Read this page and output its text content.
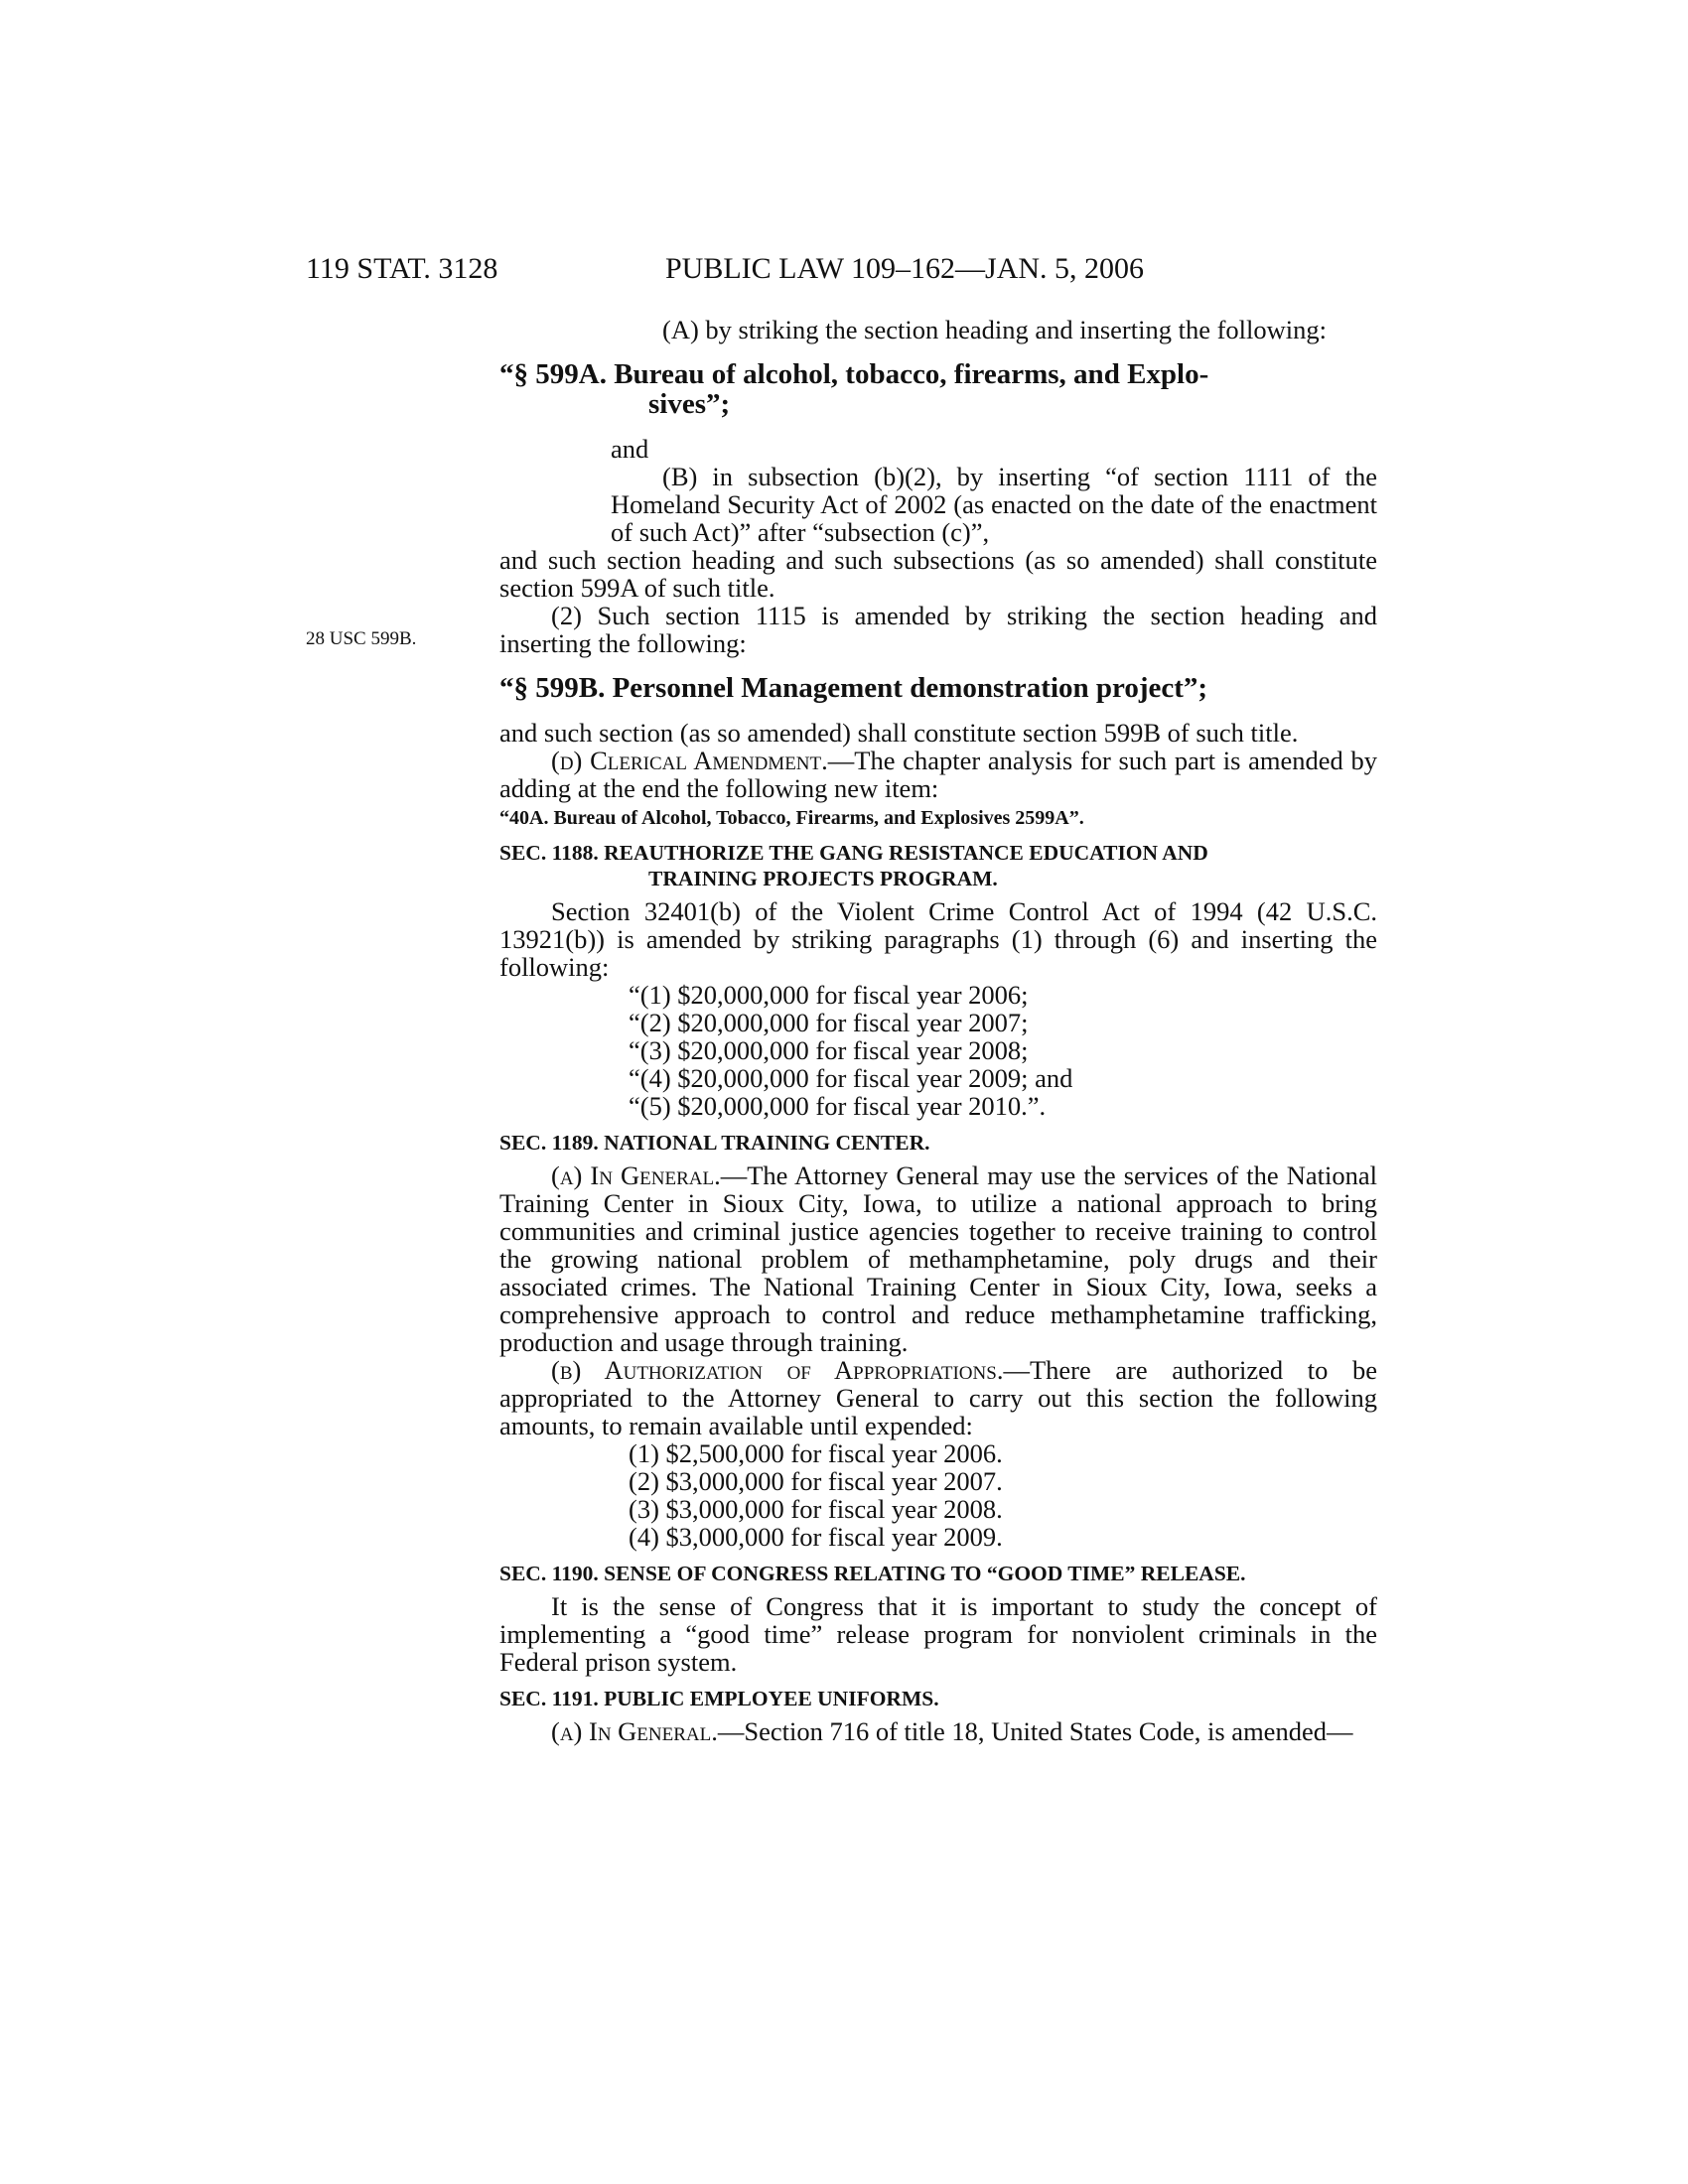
119 STAT. 3128	PUBLIC LAW 109–162—JAN. 5, 2006
28 USC 599B.

(A) by striking the section heading and inserting the following:

“§ 599A. Bureau of alcohol, tobacco, firearms, and Explo-
sives”;

and

(B) in subsection (b)(2), by inserting “of section 1111 of the Homeland Security Act of 2002 (as enacted on the date of the enactment of such Act)” after “subsection (c)”,

and such section heading and such subsections (as so amended) shall constitute section 599A of such title.

(2) Such section 1115 is amended by striking the section heading and inserting the following:

“§ 599B. Personnel Management demonstration project”;

and such section (as so amended) shall constitute section 599B of such title.

(d) Clerical Amendment.—The chapter analysis for such part is amended by adding at the end the following new item:

“40A. Bureau of Alcohol, Tobacco, Firearms, and Explosives 2599A”.
SEC. 1188. REAUTHORIZE THE GANG RESISTANCE EDUCATION AND
TRAINING PROJECTS PROGRAM.

Section 32401(b) of the Violent Crime Control Act of 1994 (42 U.S.C. 13921(b)) is amended by striking paragraphs (1) through (6) and inserting the following:

“(1) $20,000,000 for fiscal year 2006;
“(2) $20,000,000 for fiscal year 2007;
“(3) $20,000,000 for fiscal year 2008;
“(4) $20,000,000 for fiscal year 2009; and
“(5) $20,000,000 for fiscal year 2010.”.
SEC. 1189. NATIONAL TRAINING CENTER.

(a) In General.—The Attorney General may use the services of the National Training Center in Sioux City, Iowa, to utilize a national approach to bring communities and criminal justice agencies together to receive training to control the growing national problem of methamphetamine, poly drugs and their associated crimes. The National Training Center in Sioux City, Iowa, seeks a comprehensive approach to control and reduce methamphetamine trafficking, production and usage through training.

(b) Authorization of Appropriations.—There are authorized to be appropriated to the Attorney General to carry out this section the following amounts, to remain available until expended:

(1) $2,500,000 for fiscal year 2006.
(2) $3,000,000 for fiscal year 2007.
(3) $3,000,000 for fiscal year 2008.
(4) $3,000,000 for fiscal year 2009.
SEC. 1190. SENSE OF CONGRESS RELATING TO “GOOD TIME” RELEASE.

It is the sense of Congress that it is important to study the concept of implementing a “good time” release program for nonviolent criminals in the Federal prison system.

SEC. 1191. PUBLIC EMPLOYEE UNIFORMS.

(a) In General.—Section 716 of title 18, United States Code, is amended—
